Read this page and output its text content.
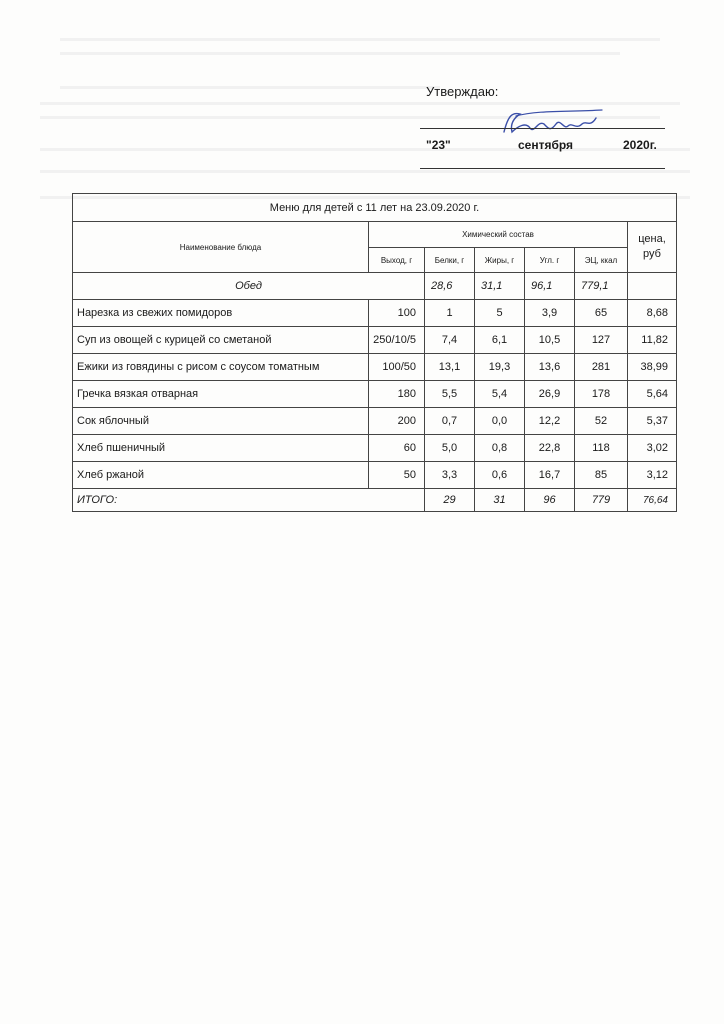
Утверждаю:
"23"	сентября	2020г.
Меню для детей с 11 лет на 23.09.2020 г.						
Наименование блюда	Химический состав					цена, руб
	Выход, г	Белки, г	Жиры, г	Угл. г	ЭЦ, ккал	
Обед		28,6	31,1	96,1	779,1	
Нарезка из свежих помидоров	100	1	5	3,9	65	8,68
Суп из овощей с курицей со сметаной	250/10/5	7,4	6,1	10,5	127	11,82
Ежики из говядины с рисом с соусом томатным	100/50	13,1	19,3	13,6	281	38,99
Гречка вязкая отварная	180	5,5	5,4	26,9	178	5,64
Сок яблочный	200	0,7	0,0	12,2	52	5,37
Хлеб пшеничный	60	5,0	0,8	22,8	118	3,02
Хлеб ржаной	50	3,3	0,6	16,7	85	3,12
ИТОГО:		29	31	96	779	76,64
